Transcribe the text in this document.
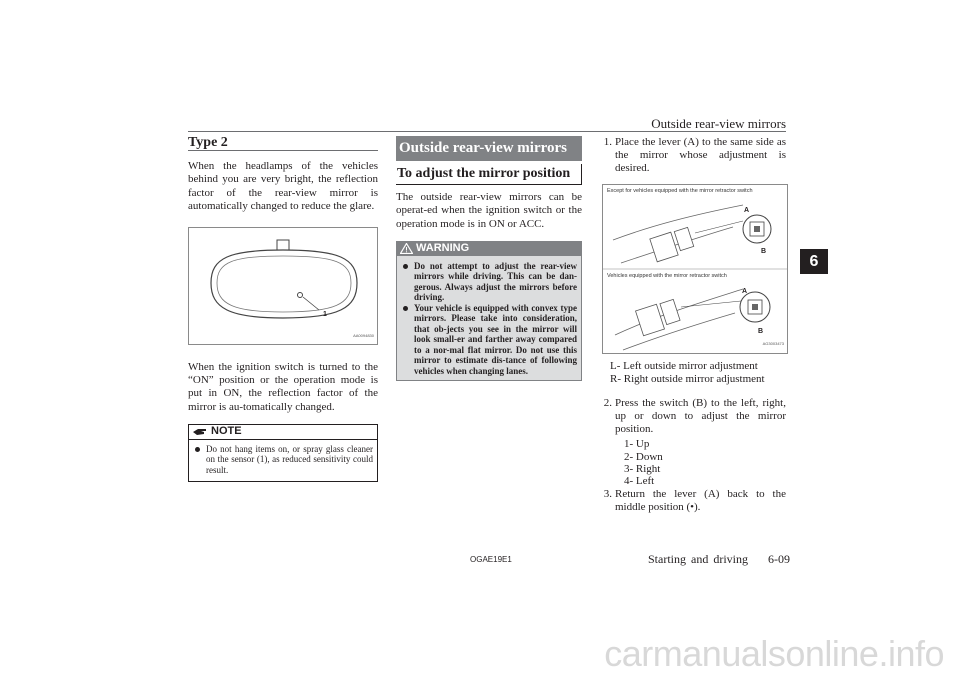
Outside rear-view mirrors
6
Type 2

When the headlamps of the vehicles behind you are very bright, the reflection factor of the rear-view mirror is automatically changed to reduce the glare.

1
AA0094830

When the ignition switch is turned to the “ON” position or the operation mode is put in ON, the reflection factor of the mirror is au-tomatically changed.

NOTE
Do not hang items on, or spray glass cleaner on the sensor (1), as reduced sensitivity could result.
Outside rear-view mirrors
To adjust the mirror position

The outside rear-view mirrors can be operat-ed when the ignition switch or the operation mode is in ON or ACC.

WARNING
Do not attempt to adjust the rear-view mirrors while driving. This can be dan-gerous. Always adjust the mirrors before driving.
Your vehicle is equipped with convex type mirrors. Please take into consideration, that ob-jects you see in the mirror will look small-er and farther away compared to a nor-mal flat mirror. Do not use this mirror to estimate dis-tance of following vehicles when changing lanes.
1. Place the lever (A) to the same side as the mirror whose adjustment is desired.
Except for vehicles equipped with the mirror retractor switch
Vehicles equipped with the mirror retractor switch
A
B
A
B
AG3003473
L- Left outside mirror adjustment
R- Right outside mirror adjustment
2. Press the switch (B) to the left, right, up or down to adjust the mirror position.
1- Up
2- Down
3- Right
4- Left
3. Return the lever (A) back to the middle position (•).
OGAE19E1	Starting and driving 6-09
carmanualsonline.info
